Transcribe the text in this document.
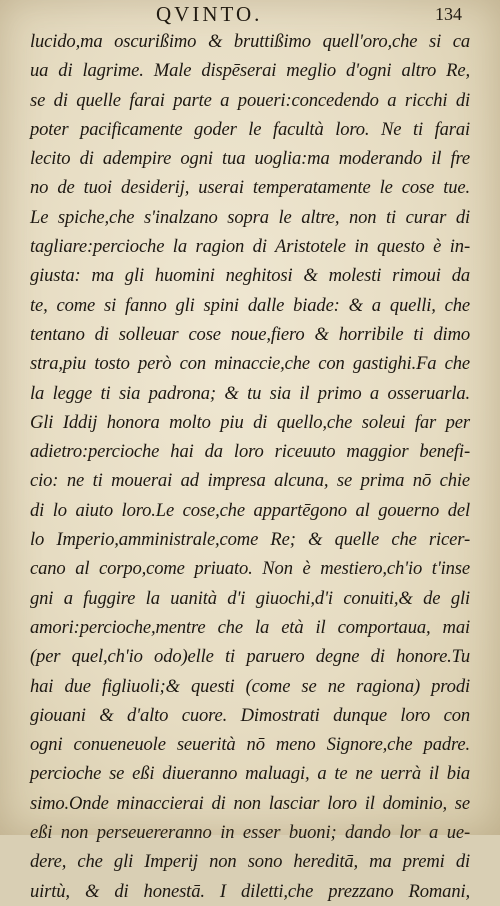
QVINTO.	134
lucido,ma oscurißimo & bruttißimo quell'oro,che si ca
ua di lagrime. Male dispēserai meglio d'ogni altro Re,
se di quelle farai parte a poueri:concedendo a ricchi di
poter pacificamente goder le facultà loro. Ne ti farai
lecito di adempire ogni tua uoglia:ma moderando il fre
no de tuoi desiderij, userai temperatamente le cose tue.
Le spiche,che s'inalzano sopra le altre, non ti curar di
tagliare:percioche la ragion di Aristotele in questo è in-
giusta: ma gli huomini neghitosi & molesti rimoui da
te, come si fanno gli spini dalle biade: & a quelli, che
tentano di solleuar cose noue,fiero & horribile ti dimo
stra,piu tosto però con minaccie,che con gastighi.Fa che
la legge ti sia padrona; & tu sia il primo a osseruarla.
Gli Iddij honora molto piu di quello,che soleui far per
adietro:percioche hai da loro riceuuto maggior benefi-
cio: ne ti mouerai ad impresa alcuna, se prima nō chie
di lo aiuto loro.Le cose,che appartēgono al gouerno del
lo Imperio,amministrale,come Re; & quelle che ricer-
cano al corpo,come priuato. Non è mestiero,ch'io t'inse
gni a fuggire la uanità d'i giuochi,d'i conuiti,& de gli
amori:percioche,mentre che la età il comportaua, mai
(per quel,ch'io odo)elle ti paruero degne di honore.Tu
hai due figliuoli;& questi (come se ne ragiona) prodi
giouani & d'alto cuore. Dimostrati dunque loro con
ogni conueneuole seuerità nō meno Signore,che padre.
percioche se eßi diueranno maluagi, a te ne uerrà il bia
simo.Onde minaccierai di non lasciar loro il dominio, se
eßi non perseuereranno in esser buoni; dando lor a ue-
dere, che gli Imperij non sono hereditā, ma premi di
uirtù, & di honestā. I diletti,che prezzano Romani,
